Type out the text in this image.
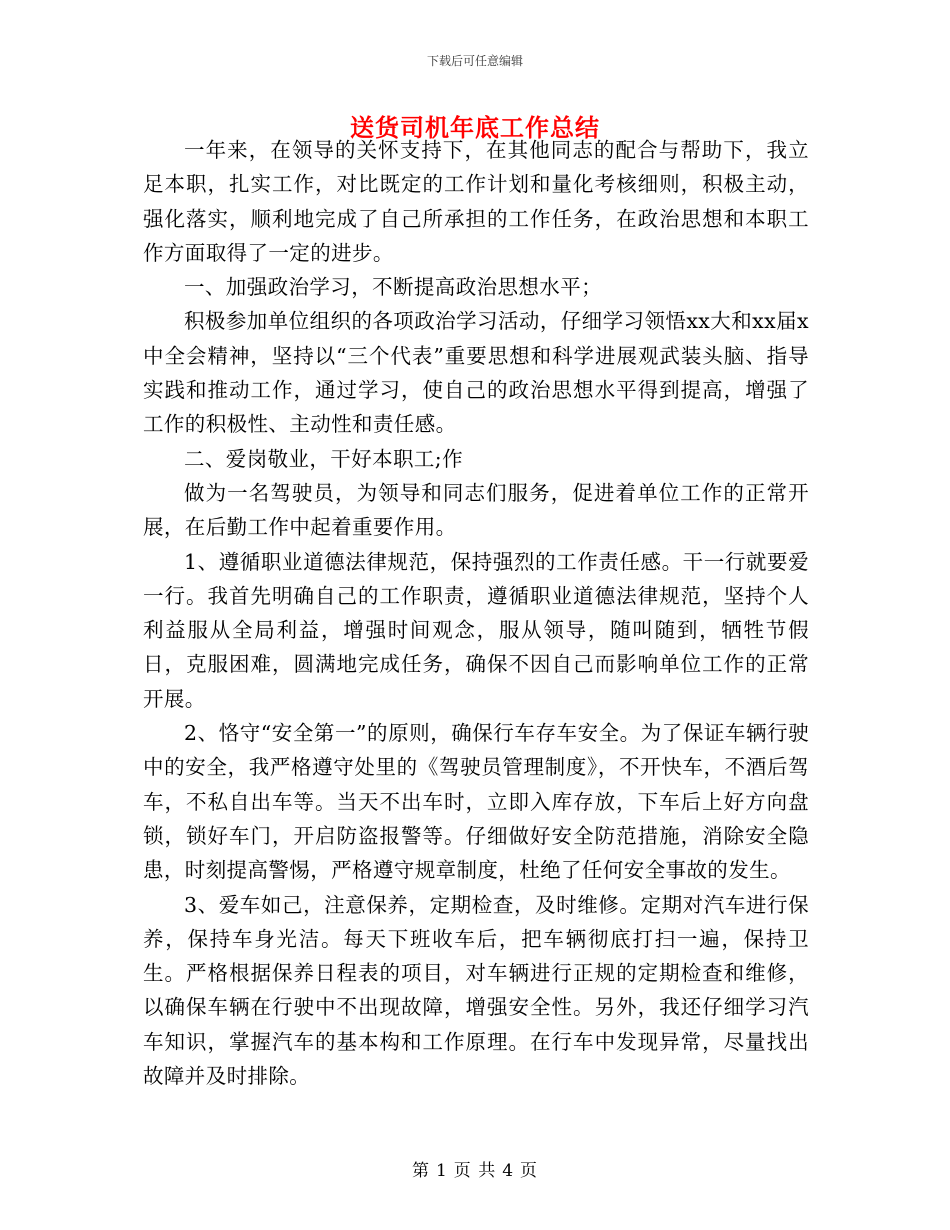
下载后可任意编辑
送货司机年底工作总结

一年来，在领导的关怀支持下，在其他同志的配合与帮助下，我立足本职，扎实工作，对比既定的工作计划和量化考核细则，积极主动，强化落实，顺利地完成了自己所承担的工作任务，在政治思想和本职工作方面取得了一定的进步。

一、加强政治学习，不断提高政治思想水平；

积极参加单位组织的各项政治学习活动，仔细学习领悟xx大和xx届x中全会精神，坚持以“三个代表”重要思想和科学进展观武装头脑、指导实践和推动工作，通过学习，使自己的政治思想水平得到提高，增强了工作的积极性、主动性和责任感。

二、爱岗敬业，干好本职工;作

做为一名驾驶员，为领导和同志们服务，促进着单位工作的正常开展，在后勤工作中起着重要作用。

1、遵循职业道德法律规范，保持强烈的工作责任感。干一行就要爱一行。我首先明确自己的工作职责，遵循职业道德法律规范，坚持个人利益服从全局利益，增强时间观念，服从领导，随叫随到，牺牲节假日，克服困难，圆满地完成任务，确保不因自己而影响单位工作的正常开展。

2、恪守“安全第一”的原则，确保行车存车安全。为了保证车辆行驶中的安全，我严格遵守处里的《驾驶员管理制度》，不开快车，不酒后驾车，不私自出车等。当天不出车时，立即入库存放，下车后上好方向盘锁，锁好车门，开启防盗报警等。仔细做好安全防范措施，消除安全隐患，时刻提高警惕，严格遵守规章制度，杜绝了任何安全事故的发生。

3、爱车如己，注意保养，定期检查，及时维修。定期对汽车进行保养，保持车身光洁。每天下班收车后，把车辆彻底打扫一遍，保持卫生。严格根据保养日程表的项目，对车辆进行正规的定期检查和维修，以确保车辆在行驶中不出现故障，增强安全性。另外，我还仔细学习汽车知识，掌握汽车的基本构和工作原理。在行车中发现异常，尽量找出故障并及时排除。

第 1 页 共 4 页
